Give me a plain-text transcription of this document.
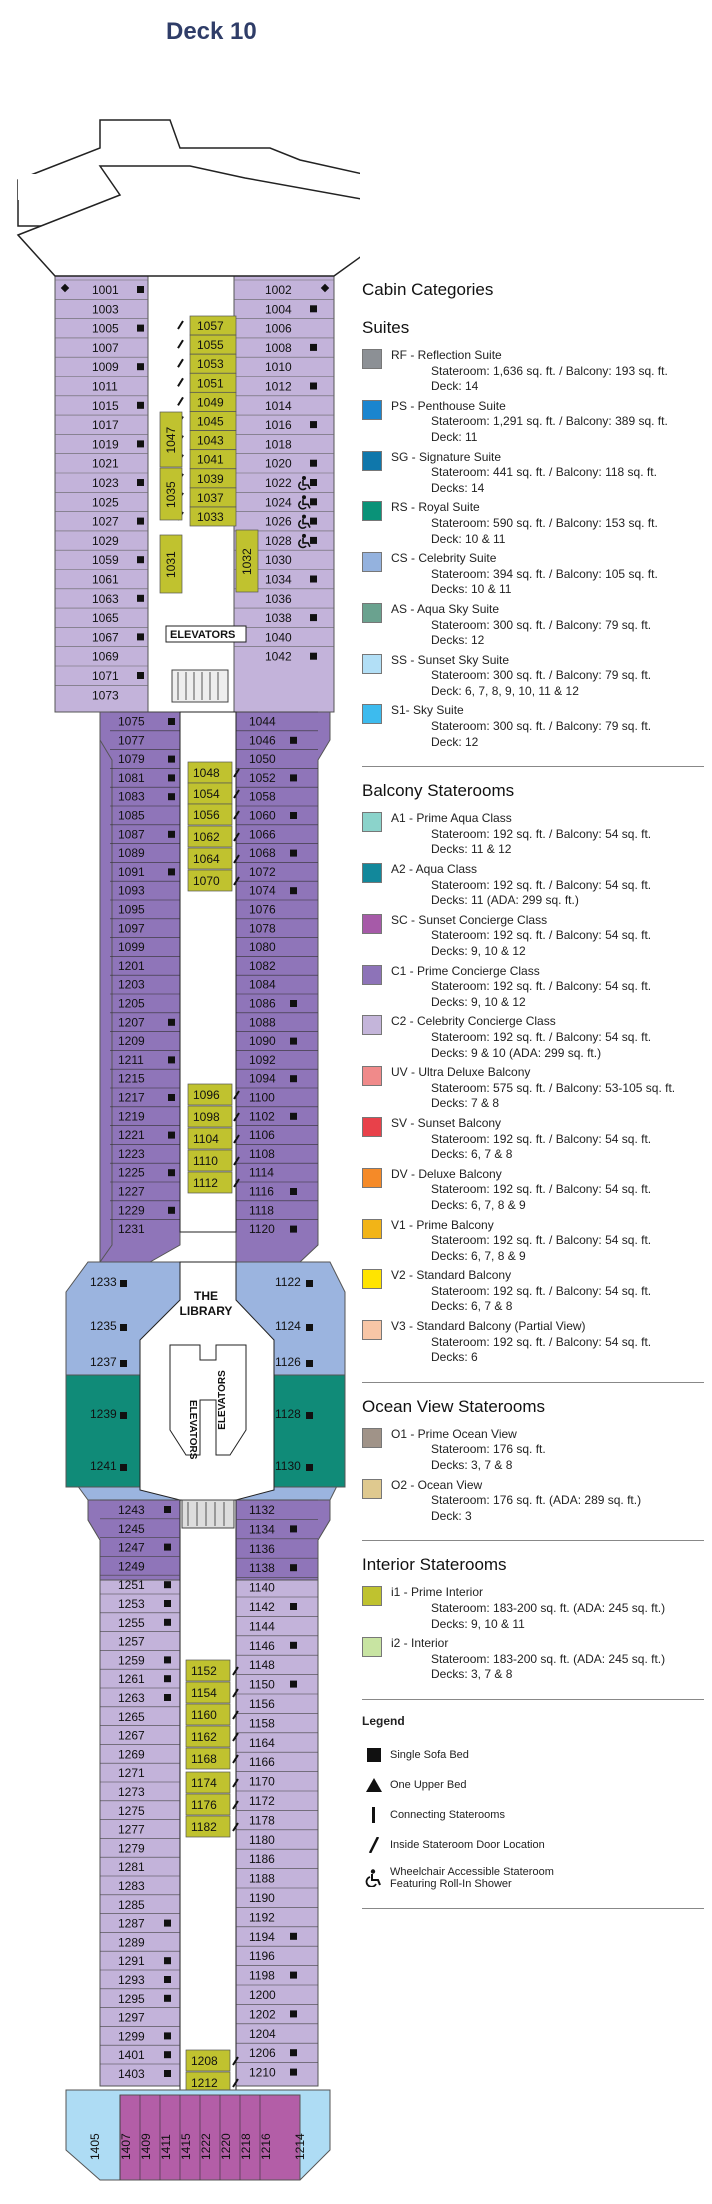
Deck 10
1001
1003
1005
1007
1009
1011
1015
1017
1019
1021
1023
1025
1027
1029
1059
1061
1063
1065
1067
1069
1071
1073
1002
1004
1006
1008
1010
1012
1014
1016
1018
1020
1022
1024
1026
1028
1030
1034
1036
1038
1040
1042
1057
1055
1053
1051
1049
1045
1043
1041
1039
1037
1033
1047
1035
1031	1032
ELEVATORS
1075
1077
1079
1081
1083
1085
1087
1089
1091
1093
1095
1097
1099
1201
1203
1205
1207
1209
1211
1215
1217
1219
1221
1223
1225
1227
1229
1231
1044
1046
1050
1052
1058
1060
1066
1068
1072
1074
1076
1078
1080
1082
1084
1086
1088
1090
1092
1094
1100
1102
1106
1108
1114
1116
1118
1120
1048
1054
1056
1062
1064
1070
1096
1098
1104
1110
1112
1233
1235
1237
1239
1241
1122
1124
1126
1128
1130
THE LIBRARY
ELEVATORS ELEVATORS
1243
1245
1247
1249
1251
1253
1255
1257
1259
1261
1263
1265
1267
1269
1271
1273
1275
1277
1279
1281
1283
1285
1287
1289
1291
1293
1295
1297
1299
1401
1403
1132
1134
1136
1138
1140
1142
1144
1146
1148
1150
1156
1158
1164
1166
1170
1172
1178
1180
1186
1188
1190
1192
1194
1196
1198
1200
1202
1204
1206
1210
1152
1154
1160
1162
1168
1174
1176
1182
1208
1212
1405 1407 1409 1411 1415 1222 1220 1218 1216 1214
Cabin Categories
Suites
RF - Reflection Suite
Stateroom: 1,636 sq. ft. / Balcony: 193 sq. ft.
Deck: 14
PS - Penthouse Suite
Stateroom: 1,291 sq. ft. / Balcony: 389 sq. ft.
Deck: 11
SG - Signature Suite
Stateroom: 441 sq. ft. / Balcony: 118 sq. ft.
Decks: 14
RS - Royal Suite
Stateroom: 590 sq. ft. / Balcony: 153 sq. ft.
Deck: 10 & 11
CS - Celebrity Suite
Stateroom: 394 sq. ft. / Balcony: 105 sq. ft.
Decks: 10 & 11
AS - Aqua Sky Suite
Stateroom: 300 sq. ft. / Balcony: 79 sq. ft.
Decks: 12
SS - Sunset Sky Suite
Stateroom: 300 sq. ft. / Balcony: 79 sq. ft.
Deck: 6, 7, 8, 9, 10, 11 & 12
S1- Sky Suite
Stateroom: 300 sq. ft. / Balcony: 79 sq. ft.
Deck: 12
Balcony Staterooms
A1 - Prime Aqua Class
Stateroom: 192 sq. ft. / Balcony: 54 sq. ft.
Decks: 11 & 12
A2 - Aqua Class
Stateroom: 192 sq. ft. / Balcony: 54 sq. ft.
Decks: 11 (ADA: 299 sq. ft.)
SC - Sunset Concierge Class
Stateroom: 192 sq. ft. / Balcony: 54 sq. ft.
Decks: 9, 10 & 12
C1 - Prime Concierge Class
Stateroom: 192 sq. ft. / Balcony: 54 sq. ft.
Decks: 9, 10 & 12
C2 - Celebrity Concierge Class
Stateroom: 192 sq. ft. / Balcony: 54 sq. ft.
Decks: 9 & 10 (ADA: 299 sq. ft.)
UV - Ultra Deluxe Balcony
Stateroom: 575 sq. ft. / Balcony: 53-105 sq. ft.
Decks: 7 & 8
SV - Sunset Balcony
Stateroom: 192 sq. ft. / Balcony: 54 sq. ft.
Decks: 6, 7 & 8
DV - Deluxe Balcony
Stateroom: 192 sq. ft. / Balcony: 54 sq. ft.
Decks: 6, 7, 8 & 9
V1 - Prime Balcony
Stateroom: 192 sq. ft. / Balcony: 54 sq. ft.
Decks: 6, 7, 8 & 9
V2 - Standard Balcony
Stateroom: 192 sq. ft. / Balcony: 54 sq. ft.
Decks: 6, 7 & 8
V3 - Standard Balcony (Partial View)
Stateroom: 192 sq. ft. / Balcony: 54 sq. ft.
Decks: 6
Ocean View Staterooms
O1 - Prime Ocean View
Stateroom: 176 sq. ft.
Decks: 3, 7 & 8
O2 - Ocean View
Stateroom: 176 sq. ft. (ADA: 289 sq. ft.)
Deck: 3
Interior Staterooms
i1 - Prime Interior
Stateroom: 183-200 sq. ft. (ADA: 245 sq. ft.)
Decks: 9, 10 & 11
i2 - Interior
Stateroom: 183-200 sq. ft. (ADA: 245 sq. ft.)
Decks: 3, 7 & 8
Legend
Single Sofa Bed
One Upper Bed
Connecting Staterooms
Inside Stateroom Door Location
Wheelchair Accessible Stateroom
Featuring Roll-In Shower
